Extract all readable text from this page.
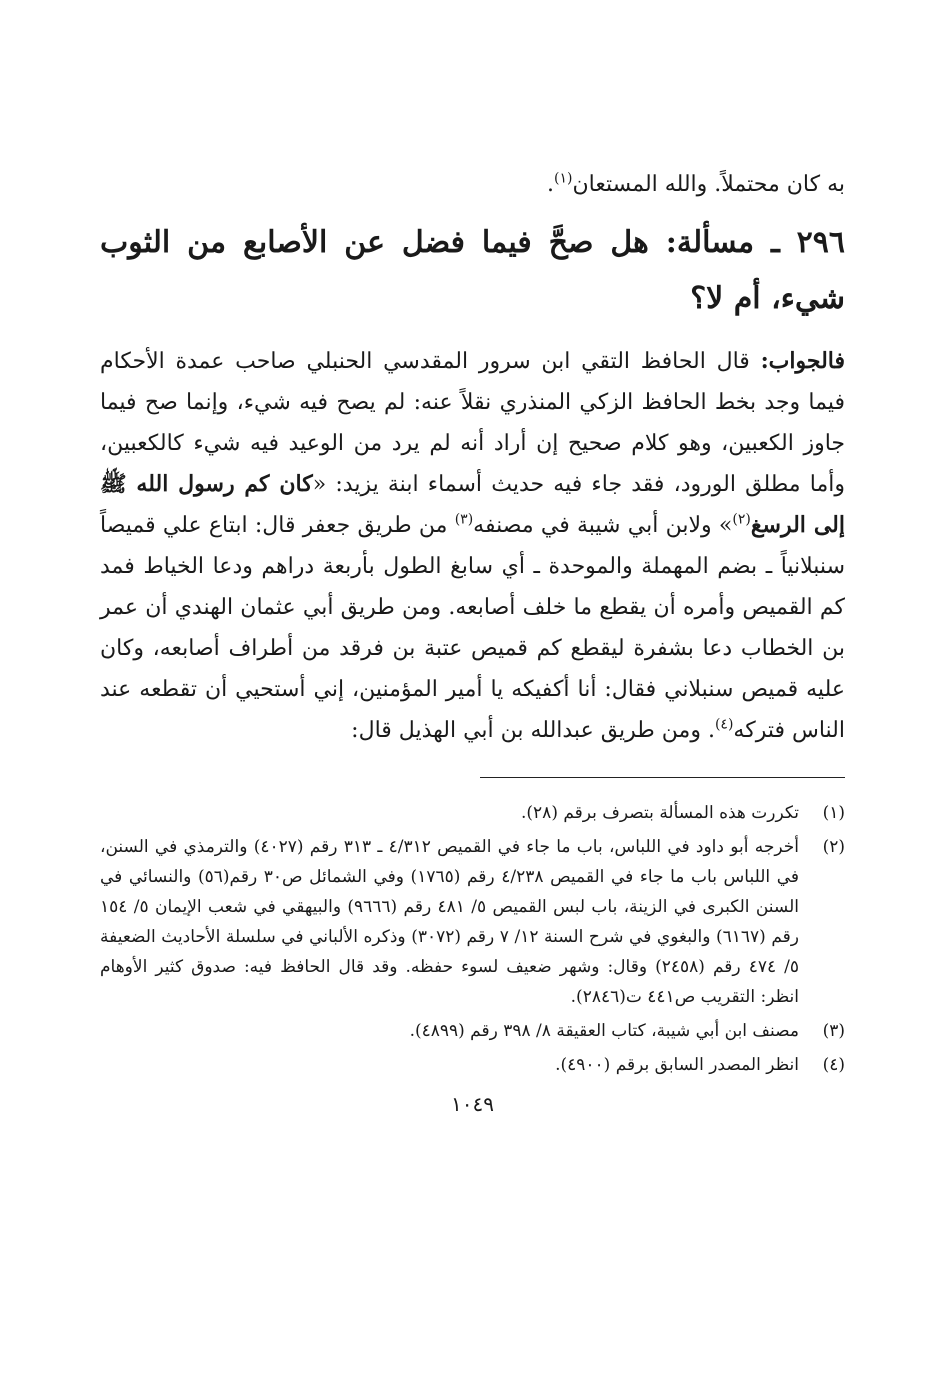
به كان محتملاً. والله المستعان$^{(١)}$.

٢٩٦ ـ مسألة: هل صحَّ فيما فضل عن الأصابع من الثوب شيء، أم لا؟

فالجواب: قال الحافظ التقي ابن سرور المقدسي الحنبلي صاحب عمدة الأحكام فيما وجد بخط الحافظ الزكي المنذري نقلاً عنه: لم يصح فيه شيء، وإنما صح فيما جاوز الكعبين، وهو كلام صحيح إن أراد أنه لم يرد من الوعيد فيه شيء كالكعبين، وأما مطلق الورود، فقد جاء فيه حديث أسماء ابنة يزيد: «كان كم رسول الله ﷺ إلى الرسغ$^{(٢)}$» ولابن أبي شيبة في مصنفه$^{(٣)}$ من طريق جعفر قال: ابتاع علي قميصاً سنبلانياً ـ بضم المهملة والموحدة ـ أي سابغ الطول بأربعة دراهم ودعا الخياط فمد كم القميص وأمره أن يقطع ما خلف أصابعه. ومن طريق أبي عثمان الهندي أن عمر بن الخطاب دعا بشفرة ليقطع كم قميص عتبة بن فرقد من أطراف أصابعه، وكان عليه قميص سنبلاني فقال: أنا أكفيكه يا أمير المؤمنين، إني أستحيي أن تقطعه عند الناس فتركه$^{(٤)}$. ومن طريق عبدالله بن أبي الهذيل قال:

(١)
تكررت هذه المسألة بتصرف برقم (٢٨).
(٢)
أخرجه أبو داود في اللباس، باب ما جاء في القميص ٤/٣١٢ ـ ٣١٣ رقم (٤٠٢٧) والترمذي في السنن، في اللباس باب ما جاء في القميص ٤/٢٣٨ رقم (١٧٦٥) وفي الشمائل ص٣٠ رقم(٥٦) والنسائي في السنن الكبرى في الزينة، باب لبس القميص ٥/ ٤٨١ رقم (٩٦٦٦) والبيهقي في شعب الإيمان ٥/ ١٥٤ رقم (٦١٦٧) والبغوي في شرح السنة ١٢/ ٧ رقم (٣٠٧٢) وذكره الألباني في سلسلة الأحاديث الضعيفة ٥/ ٤٧٤ رقم (٢٤٥٨) وقال: وشهر ضعيف لسوء حفظه. وقد قال الحافظ فيه: صدوق كثير الأوهام انظر: التقريب ص٤٤١ ت(٢٨٤٦).
(٣)
مصنف ابن أبي شيبة، كتاب العقيقة ٨/ ٣٩٨ رقم (٤٨٩٩).
(٤)
انظر المصدر السابق برقم (٤٩٠٠).
١٠٤٩
